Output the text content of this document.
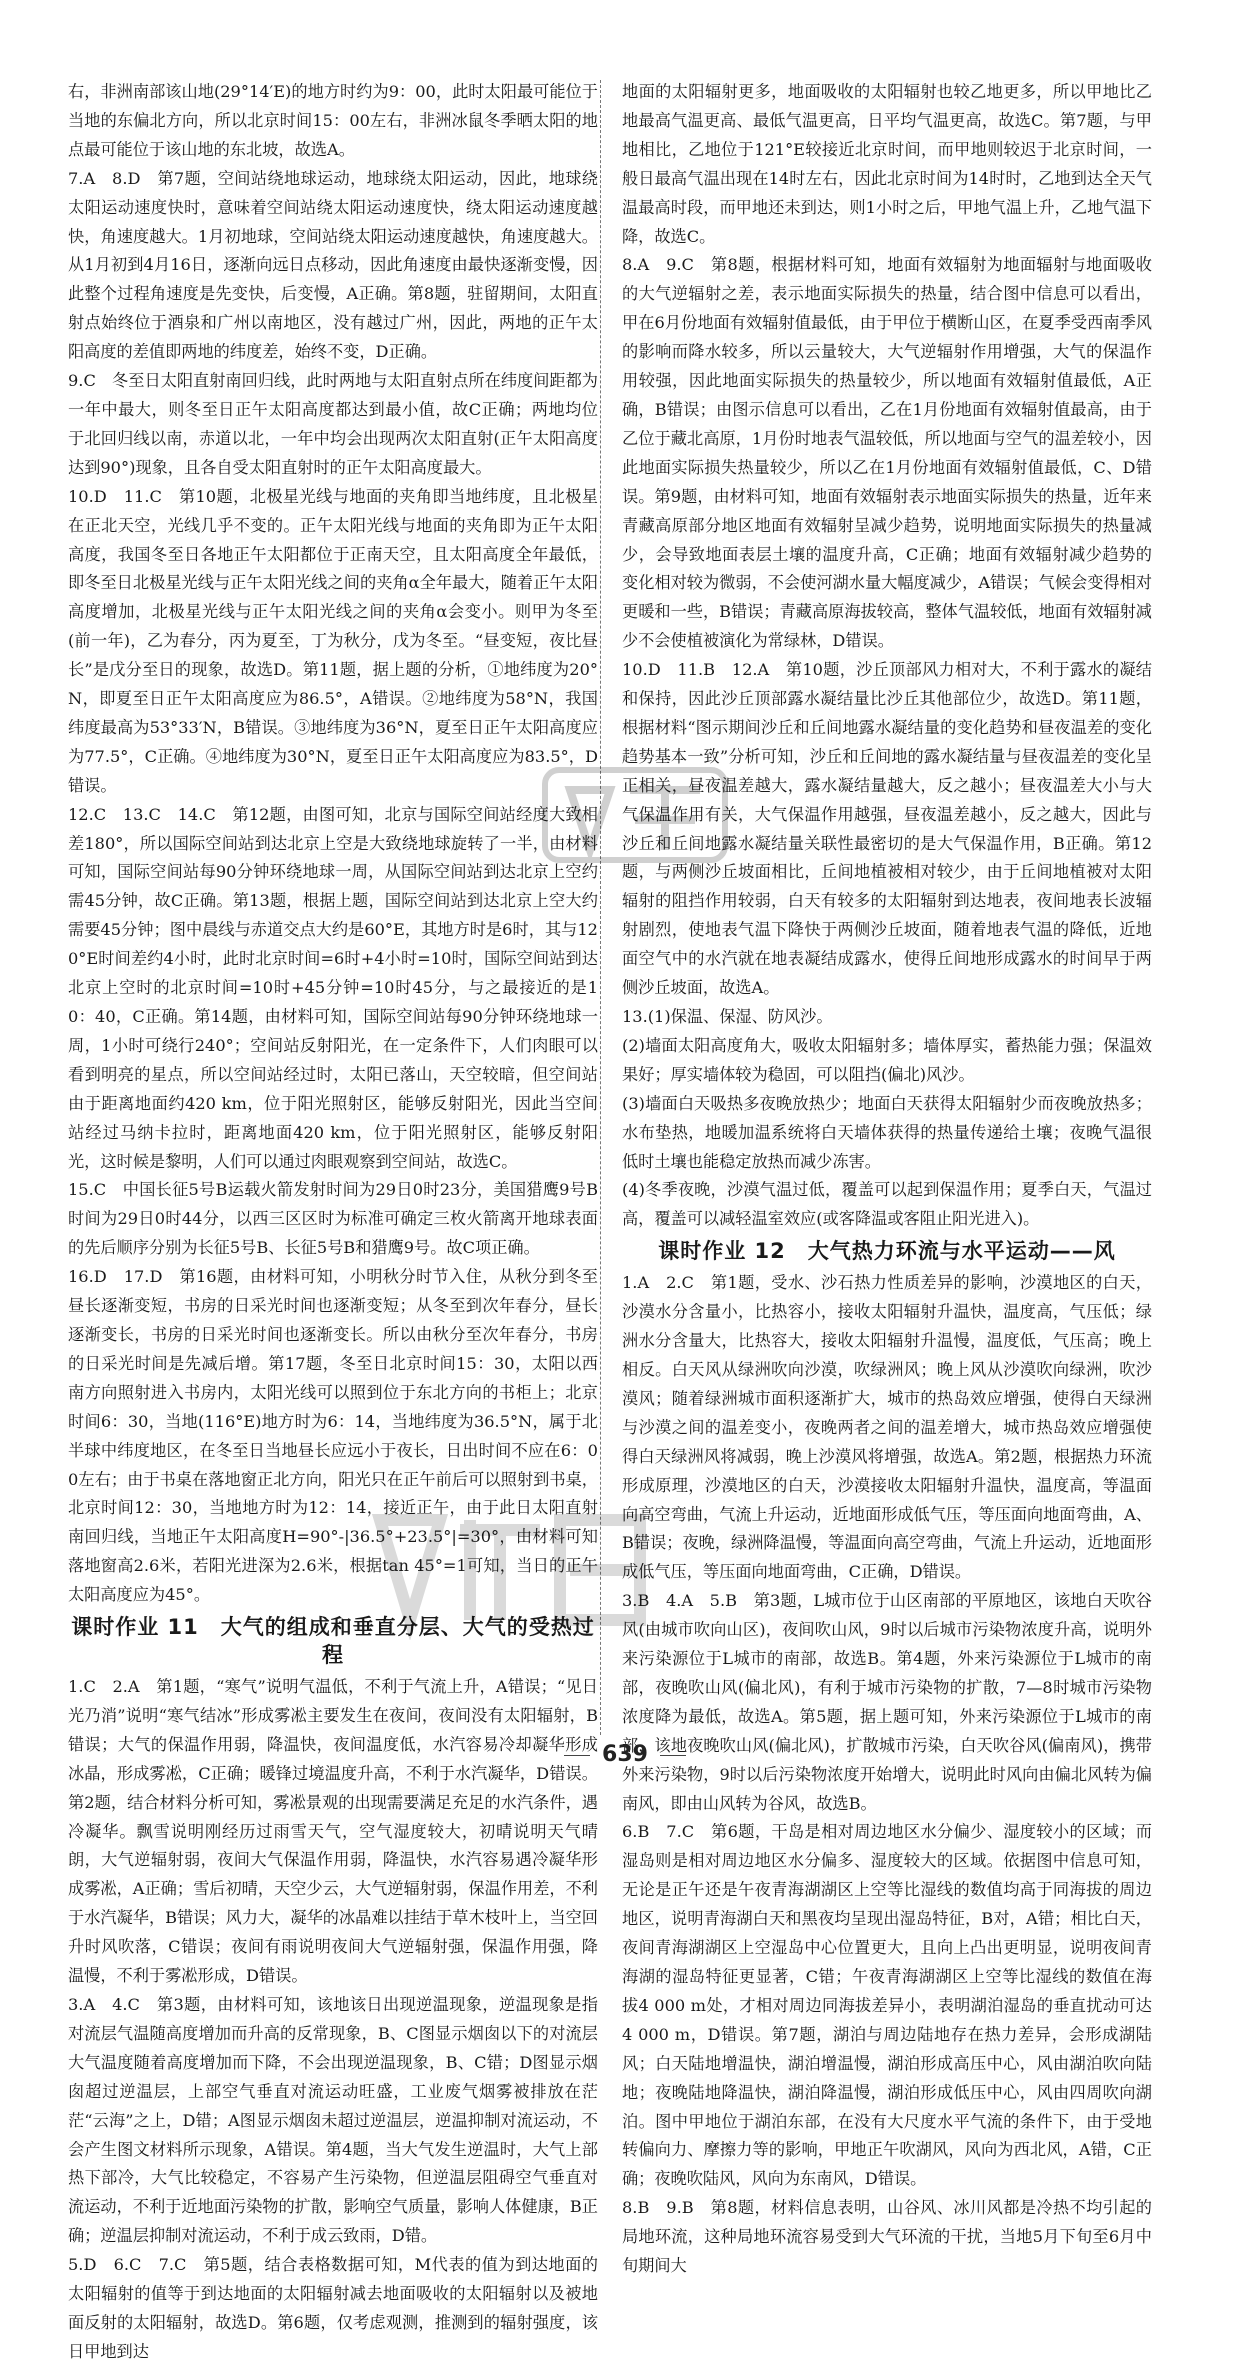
右，非洲南部该山地(29°14′E)的地方时约为9：00，此时太阳最可能位于当地的东偏北方向，所以北京时间15：00左右，非洲冰鼠冬季晒太阳的地点最可能位于该山地的东北坡，故选A。

7.A　8.D　第7题，空间站绕地球运动，地球绕太阳运动，因此，地球绕太阳运动速度快时，意味着空间站绕太阳运动速度快，绕太阳运动速度越快，角速度越大。1月初地球，空间站绕太阳运动速度越快，角速度越大。从1月初到4月16日，逐渐向远日点移动，因此角速度由最快逐渐变慢，因此整个过程角速度是先变快，后变慢，A正确。第8题，驻留期间，太阳直射点始终位于酒泉和广州以南地区，没有越过广州，因此，两地的正午太阳高度的差值即两地的纬度差，始终不变，D正确。

9.C　冬至日太阳直射南回归线，此时两地与太阳直射点所在纬度间距都为一年中最大，则冬至日正午太阳高度都达到最小值，故C正确；两地均位于北回归线以南，赤道以北，一年中均会出现两次太阳直射(正午太阳高度达到90°)现象，且各自受太阳直射时的正午太阳高度最大。

10.D　11.C　第10题，北极星光线与地面的夹角即当地纬度，且北极星在正北天空，光线几乎不变的。正午太阳光线与地面的夹角即为正午太阳高度，我国冬至日各地正午太阳都位于正南天空，且太阳高度全年最低，即冬至日北极星光线与正午太阳光线之间的夹角α全年最大，随着正午太阳高度增加，北极星光线与正午太阳光线之间的夹角α会变小。则甲为冬至(前一年)，乙为春分，丙为夏至，丁为秋分，戊为冬至。“昼变短，夜比昼长”是戊分至日的现象，故选D。第11题，据上题的分析，①地纬度为20°N，即夏至日正午太阳高度应为86.5°，A错误。②地纬度为58°N，我国纬度最高为53°33′N，B错误。③地纬度为36°N，夏至日正午太阳高度应为77.5°，C正确。④地纬度为30°N，夏至日正午太阳高度应为83.5°，D错误。

12.C　13.C　14.C　第12题，由图可知，北京与国际空间站经度大致相差180°，所以国际空间站到达北京上空是大致绕地球旋转了一半，由材料可知，国际空间站每90分钟环绕地球一周，从国际空间站到达北京上空约需45分钟，故C正确。第13题，根据上题，国际空间站到达北京上空大约需要45分钟；图中晨线与赤道交点大约是60°E，其地方时是6时，其与120°E时间差约4小时，此时北京时间=6时+4小时=10时，国际空间站到达北京上空时的北京时间=10时+45分钟=10时45分，与之最接近的是10：40，C正确。第14题，由材料可知，国际空间站每90分钟环绕地球一周，1小时可绕行240°；空间站反射阳光，在一定条件下，人们肉眼可以看到明亮的星点，所以空间站经过时，太阳已落山，天空较暗，但空间站由于距离地面约420 km，位于阳光照射区，能够反射阳光，因此当空间站经过马纳卡拉时，距离地面420 km，位于阳光照射区，能够反射阳光，这时候是黎明，人们可以通过肉眼观察到空间站，故选C。

15.C　中国长征5号B运载火箭发射时间为29日0时23分，美国猎鹰9号B时间为29日0时44分，以西三区区时为标准可确定三枚火箭离开地球表面的先后顺序分别为长征5号B、长征5号B和猎鹰9号。故C项正确。

16.D　17.D　第16题，由材料可知，小明秋分时节入住，从秋分到冬至昼长逐渐变短，书房的日采光时间也逐渐变短；从冬至到次年春分，昼长逐渐变长，书房的日采光时间也逐渐变长。所以由秋分至次年春分，书房的日采光时间是先减后增。第17题，冬至日北京时间15：30，太阳以西南方向照射进入书房内，太阳光线可以照到位于东北方向的书柜上；北京时间6：30，当地(116°E)地方时为6：14，当地纬度为36.5°N，属于北半球中纬度地区，在冬至日当地昼长应远小于夜长，日出时间不应在6：00左右；由于书桌在落地窗正北方向，阳光只在正午前后可以照射到书桌，北京时间12：30，当地地方时为12：14，接近正午，由于此日太阳直射南回归线，当地正午太阳高度H=90°-|36.5°+23.5°|=30°，由材料可知落地窗高2.6米，若阳光进深为2.6米，根据tan 45°=1可知，当日的正午太阳高度应为45°。

课时作业 11　大气的组成和垂直分层、大气的受热过程

1.C　2.A　第1题，“寒气”说明气温低，不利于气流上升，A错误；“见日光乃消”说明“寒气结冰”形成雾凇主要发生在夜间，夜间没有太阳辐射，B错误；大气的保温作用弱，降温快，夜间温度低，水汽容易冷却凝华形成冰晶，形成雾凇，C正确；暖锋过境温度升高，不利于水汽凝华，D错误。第2题，结合材料分析可知，雾凇景观的出现需要满足充足的水汽条件，遇冷凝华。飘雪说明刚经历过雨雪天气，空气湿度较大，初晴说明天气晴朗，大气逆辐射弱，夜间大气保温作用弱，降温快，水汽容易遇冷凝华形成雾凇，A正确；雪后初晴，天空少云，大气逆辐射弱，保温作用差，不利于水汽凝华，B错误；风力大，凝华的冰晶难以挂结于草木枝叶上，当空回升时风吹落，C错误；夜间有雨说明夜间大气逆辐射强，保温作用强，降温慢，不利于雾凇形成，D错误。

3.A　4.C　第3题，由材料可知，该地该日出现逆温现象，逆温现象是指对流层气温随高度增加而升高的反常现象，B、C图显示烟囱以下的对流层大气温度随着高度增加而下降，不会出现逆温现象，B、C错；D图显示烟囱超过逆温层，上部空气垂直对流运动旺盛，工业废气烟雾被排放在茫茫“云海”之上，D错；A图显示烟囱未超过逆温层，逆温抑制对流运动，不会产生图文材料所示现象，A错误。第4题，当大气发生逆温时，大气上部热下部冷，大气比较稳定，不容易产生污染物，但逆温层阻碍空气垂直对流运动，不利于近地面污染物的扩散，影响空气质量，影响人体健康，B正确；逆温层抑制对流运动，不利于成云致雨，D错。

5.D　6.C　7.C　第5题，结合表格数据可知，M代表的值为到达地面的太阳辐射的值等于到达地面的太阳辐射减去地面吸收的太阳辐射以及被地面反射的太阳辐射，故选D。第6题，仅考虑观测，推测到的辐射强度，该日甲地到达

地面的太阳辐射更多，地面吸收的太阳辐射也较乙地更多，所以甲地比乙地最高气温更高、最低气温更高，日平均气温更高，故选C。第7题，与甲地相比，乙地位于121°E较接近北京时间，而甲地则较迟于北京时间，一般日最高气温出现在14时左右，因此北京时间为14时时，乙地到达全天气温最高时段，而甲地还未到达，则1小时之后，甲地气温上升，乙地气温下降，故选C。

8.A　9.C　第8题，根据材料可知，地面有效辐射为地面辐射与地面吸收的大气逆辐射之差，表示地面实际损失的热量，结合图中信息可以看出，甲在6月份地面有效辐射值最低，由于甲位于横断山区，在夏季受西南季风的影响而降水较多，所以云量较大，大气逆辐射作用增强，大气的保温作用较强，因此地面实际损失的热量较少，所以地面有效辐射值最低，A正确，B错误；由图示信息可以看出，乙在1月份地面有效辐射值最高，由于乙位于藏北高原，1月份时地表气温较低，所以地面与空气的温差较小，因此地面实际损失热量较少，所以乙在1月份地面有效辐射值最低，C、D错误。第9题，由材料可知，地面有效辐射表示地面实际损失的热量，近年来青藏高原部分地区地面有效辐射呈减少趋势，说明地面实际损失的热量减少，会导致地面表层土壤的温度升高，C正确；地面有效辐射减少趋势的变化相对较为微弱，不会使河湖水量大幅度减少，A错误；气候会变得相对更暖和一些，B错误；青藏高原海拔较高，整体气温较低，地面有效辐射减少不会使植被演化为常绿林，D错误。

10.D　11.B　12.A　第10题，沙丘顶部风力相对大，不利于露水的凝结和保持，因此沙丘顶部露水凝结量比沙丘其他部位少，故选D。第11题，根据材料“图示期间沙丘和丘间地露水凝结量的变化趋势和昼夜温差的变化趋势基本一致”分析可知，沙丘和丘间地的露水凝结量与昼夜温差的变化呈正相关，昼夜温差越大，露水凝结量越大，反之越小；昼夜温差大小与大气保温作用有关，大气保温作用越强，昼夜温差越小，反之越大，因此与沙丘和丘间地露水凝结量关联性最密切的是大气保温作用，B正确。第12题，与两侧沙丘坡面相比，丘间地植被相对较少，由于丘间地植被对太阳辐射的阻挡作用较弱，白天有较多的太阳辐射到达地表，夜间地表长波辐射剧烈，使地表气温下降快于两侧沙丘坡面，随着地表气温的降低，近地面空气中的水汽就在地表凝结成露水，使得丘间地形成露水的时间早于两侧沙丘坡面，故选A。

13.(1)保温、保湿、防风沙。

(2)墙面太阳高度角大，吸收太阳辐射多；墙体厚实，蓄热能力强；保温效果好；厚实墙体较为稳固，可以阻挡(偏北)风沙。

(3)墙面白天吸热多夜晚放热少；地面白天获得太阳辐射少而夜晚放热多；水布垫热，地暖加温系统将白天墙体获得的热量传递给土壤；夜晚气温很低时土壤也能稳定放热而减少冻害。

(4)冬季夜晚，沙漠气温过低，覆盖可以起到保温作用；夏季白天，气温过高，覆盖可以减轻温室效应(或客降温或客阻止阳光进入)。

课时作业 12　大气热力环流与水平运动——风

1.A　2.C　第1题，受水、沙石热力性质差异的影响，沙漠地区的白天，沙漠水分含量小，比热容小，接收太阳辐射升温快，温度高，气压低；绿洲水分含量大，比热容大，接收太阳辐射升温慢，温度低，气压高；晚上相反。白天风从绿洲吹向沙漠，吹绿洲风；晚上风从沙漠吹向绿洲，吹沙漠风；随着绿洲城市面积逐渐扩大，城市的热岛效应增强，使得白天绿洲与沙漠之间的温差变小，夜晚两者之间的温差增大，城市热岛效应增强使得白天绿洲风将减弱，晚上沙漠风将增强，故选A。第2题，根据热力环流形成原理，沙漠地区的白天，沙漠接收太阳辐射升温快，温度高，等温面向高空弯曲，气流上升运动，近地面形成低气压，等压面向地面弯曲，A、B错误；夜晚，绿洲降温慢，等温面向高空弯曲，气流上升运动，近地面形成低气压，等压面向地面弯曲，C正确，D错误。

3.B　4.A　5.B　第3题，L城市位于山区南部的平原地区，该地白天吹谷风(由城市吹向山区)，夜间吹山风，9时以后城市污染物浓度升高，说明外来污染源位于L城市的南部，故选B。第4题，外来污染源位于L城市的南部，夜晚吹山风(偏北风)，有利于城市污染物的扩散，7—8时城市污染物浓度降为最低，故选A。第5题，据上题可知，外来污染源位于L城市的南部，该地夜晚吹山风(偏北风)，扩散城市污染，白天吹谷风(偏南风)，携带外来污染物，9时以后污染物浓度开始增大，说明此时风向由偏北风转为偏南风，即由山风转为谷风，故选B。

6.B　7.C　第6题，干岛是相对周边地区水分偏少、湿度较小的区域；而湿岛则是相对周边地区水分偏多、湿度较大的区域。依据图中信息可知，无论是正午还是午夜青海湖湖区上空等比湿线的数值均高于同海拔的周边地区，说明青海湖白天和黑夜均呈现出湿岛特征，B对，A错；相比白天，夜间青海湖湖区上空湿岛中心位置更大，且向上凸出更明显，说明夜间青海湖的湿岛特征更显著，C错；午夜青海湖湖区上空等比湿线的数值在海拔4 000 m处，才相对周边同海拔差异小，表明湖泊湿岛的垂直扰动可达4 000 m，D错误。第7题，湖泊与周边陆地存在热力差异，会形成湖陆风；白天陆地增温快，湖泊增温慢，湖泊形成高压中心，风由湖泊吹向陆地；夜晚陆地降温快，湖泊降温慢，湖泊形成低压中心，风由四周吹向湖泊。图中甲地位于湖泊东部，在没有大尺度水平气流的条件下，由于受地转偏向力、摩擦力等的影响，甲地正午吹湖风，风向为西北风，A错，C正确；夜晚吹陆风，风向为东南风，D错误。

8.B　9.B　第8题，材料信息表明，山谷风、冰川风都是冷热不均引起的局地环流，这种局地环流容易受到大气环流的干扰，当地5月下旬至6月中旬期间大

639
